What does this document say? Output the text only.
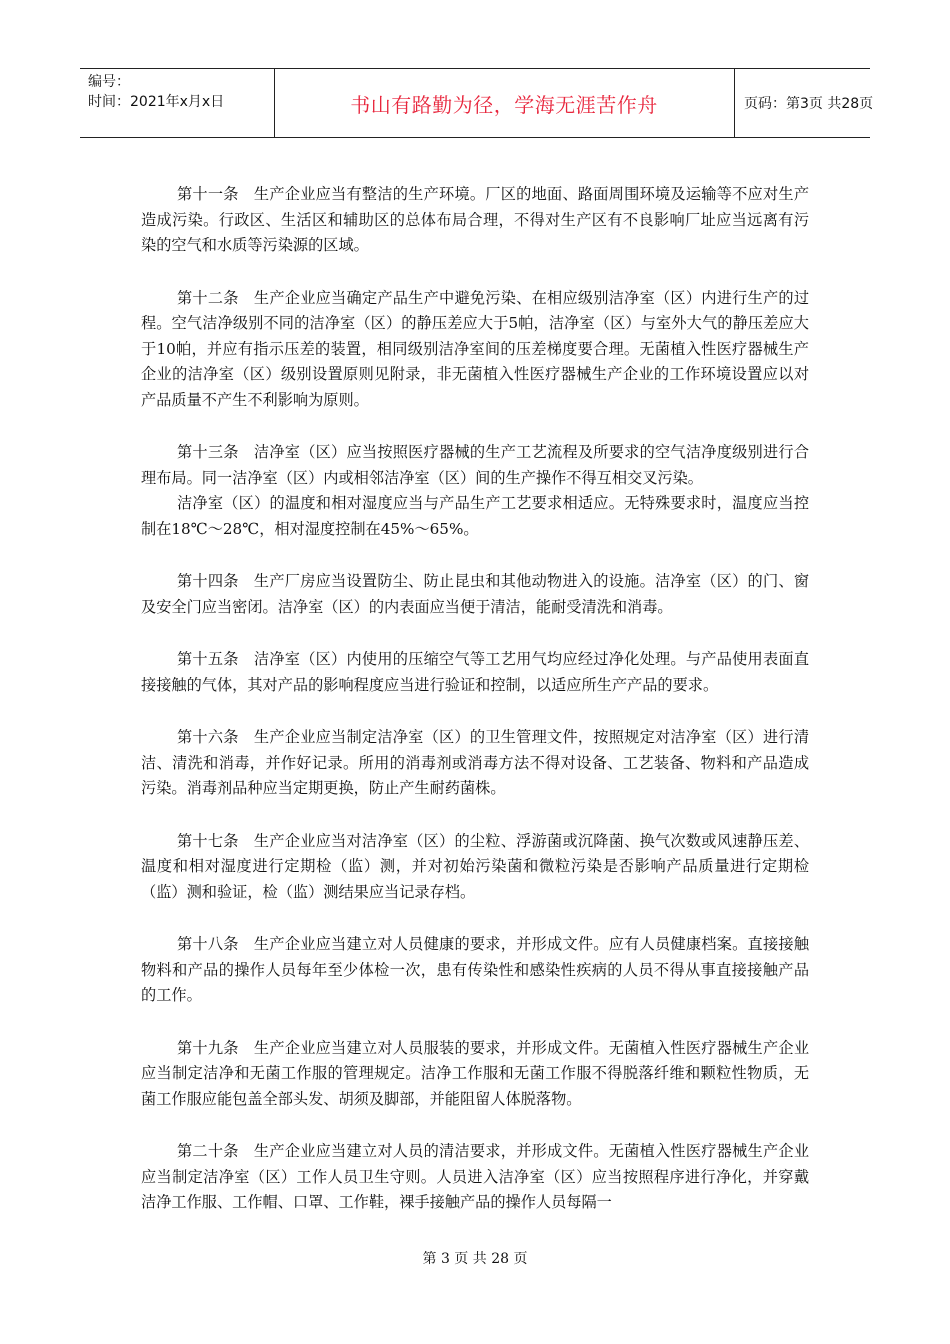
编号：
时间：2021年x月x日	书山有路勤为径，学海无涯苦作舟	页码：第3页 共28页

第十一条 生产企业应当有整洁的生产环境。厂区的地面、路面周围环境及运输等不应对生产造成污染。行政区、生活区和辅助区的总体布局合理，不得对生产区有不良影响厂址应当远离有污染的空气和水质等污染源的区域。

第十二条 生产企业应当确定产品生产中避免污染、在相应级别洁净室（区）内进行生产的过程。空气洁净级别不同的洁净室（区）的静压差应大于5帕，洁净室（区）与室外大气的静压差应大于10帕，并应有指示压差的装置，相同级别洁净室间的压差梯度要合理。无菌植入性医疗器械生产企业的洁净室（区）级别设置原则见附录，非无菌植入性医疗器械生产企业的工作环境设置应以对产品质量不产生不利影响为原则。

第十三条 洁净室（区）应当按照医疗器械的生产工艺流程及所要求的空气洁净度级别进行合理布局。同一洁净室（区）内或相邻洁净室（区）间的生产操作不得互相交叉污染。

洁净室（区）的温度和相对湿度应当与产品生产工艺要求相适应。无特殊要求时，温度应当控制在18℃～28℃，相对湿度控制在45%～65%。

第十四条 生产厂房应当设置防尘、防止昆虫和其他动物进入的设施。洁净室（区）的门、窗及安全门应当密闭。洁净室（区）的内表面应当便于清洁，能耐受清洗和消毒。

第十五条 洁净室（区）内使用的压缩空气等工艺用气均应经过净化处理。与产品使用表面直接接触的气体，其对产品的影响程度应当进行验证和控制，以适应所生产产品的要求。

第十六条 生产企业应当制定洁净室（区）的卫生管理文件，按照规定对洁净室（区）进行清洁、清洗和消毒，并作好记录。所用的消毒剂或消毒方法不得对设备、工艺装备、物料和产品造成污染。消毒剂品种应当定期更换，防止产生耐药菌株。

第十七条 生产企业应当对洁净室（区）的尘粒、浮游菌或沉降菌、换气次数或风速静压差、温度和相对湿度进行定期检（监）测，并对初始污染菌和微粒污染是否影响产品质量进行定期检（监）测和验证，检（监）测结果应当记录存档。

第十八条 生产企业应当建立对人员健康的要求，并形成文件。应有人员健康档案。直接接触物料和产品的操作人员每年至少体检一次，患有传染性和感染性疾病的人员不得从事直接接触产品的工作。

第十九条 生产企业应当建立对人员服装的要求，并形成文件。无菌植入性医疗器械生产企业应当制定洁净和无菌工作服的管理规定。洁净工作服和无菌工作服不得脱落纤维和颗粒性物质，无菌工作服应能包盖全部头发、胡须及脚部，并能阻留人体脱落物。

第二十条 生产企业应当建立对人员的清洁要求，并形成文件。无菌植入性医疗器械生产企业应当制定洁净室（区）工作人员卫生守则。人员进入洁净室（区）应当按照程序进行净化，并穿戴洁净工作服、工作帽、口罩、工作鞋，裸手接触产品的操作人员每隔一

第 3 页 共 28 页
